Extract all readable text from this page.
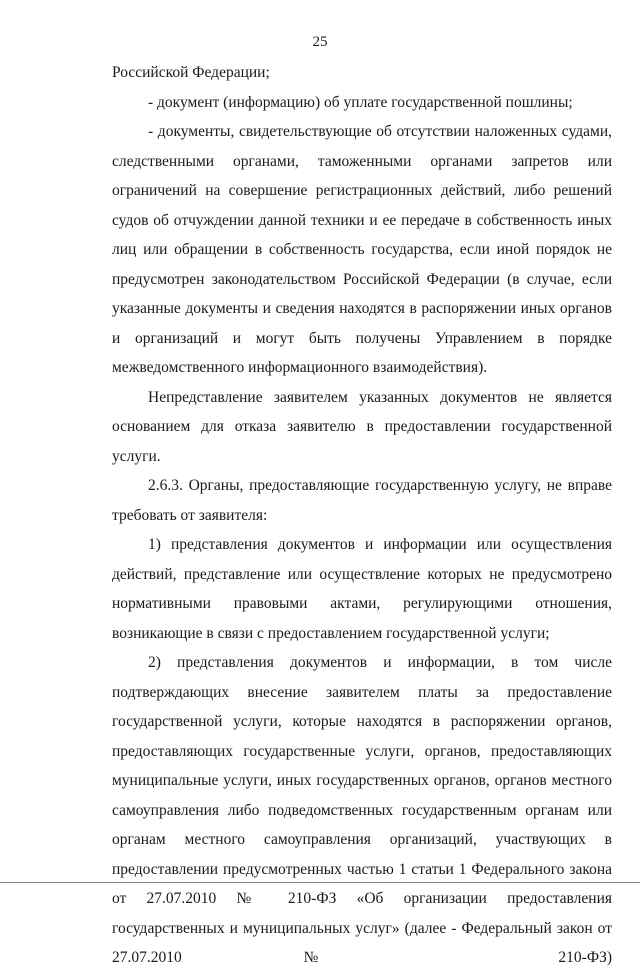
25

Российской Федерации;

- документ (информацию) об уплате государственной пошлины;

- документы, свидетельствующие об отсутствии наложенных судами, следственными органами, таможенными органами запретов или ограничений на совершение регистрационных действий, либо решений судов об отчуждении данной техники и ее передаче в собственность иных лиц или обращении в собственность государства, если иной порядок не предусмотрен законодательством Российской Федерации (в случае, если указанные документы и сведения находятся в распоряжении иных органов и организаций и могут быть получены Управлением в порядке межведомственного информационного взаимодействия).

Непредставление заявителем указанных документов не является основанием для отказа заявителю в предоставлении государственной услуги.

2.6.3. Органы, предоставляющие государственную услугу, не вправе требовать от заявителя:

1) представления документов и информации или осуществления действий, представление или осуществление которых не предусмотрено нормативными правовыми актами, регулирующими отношения, возникающие в связи с предоставлением государственной услуги;

2) представления документов и информации, в том числе подтверждающих внесение заявителем платы за предоставление государственной услуги, которые находятся в распоряжении органов, предоставляющих государственные услуги, органов, предоставляющих муниципальные услуги, иных государственных органов, органов местного самоуправления либо подведомственных государственным органам или органам местного самоуправления организаций, участвующих в предоставлении предусмотренных частью 1 статьи 1 Федерального закона от 27.07.2010 № 210-ФЗ «Об организации предоставления государственных и муниципальных услуг» (далее - Федеральный закон от 27.07.2010 № 210-ФЗ)
